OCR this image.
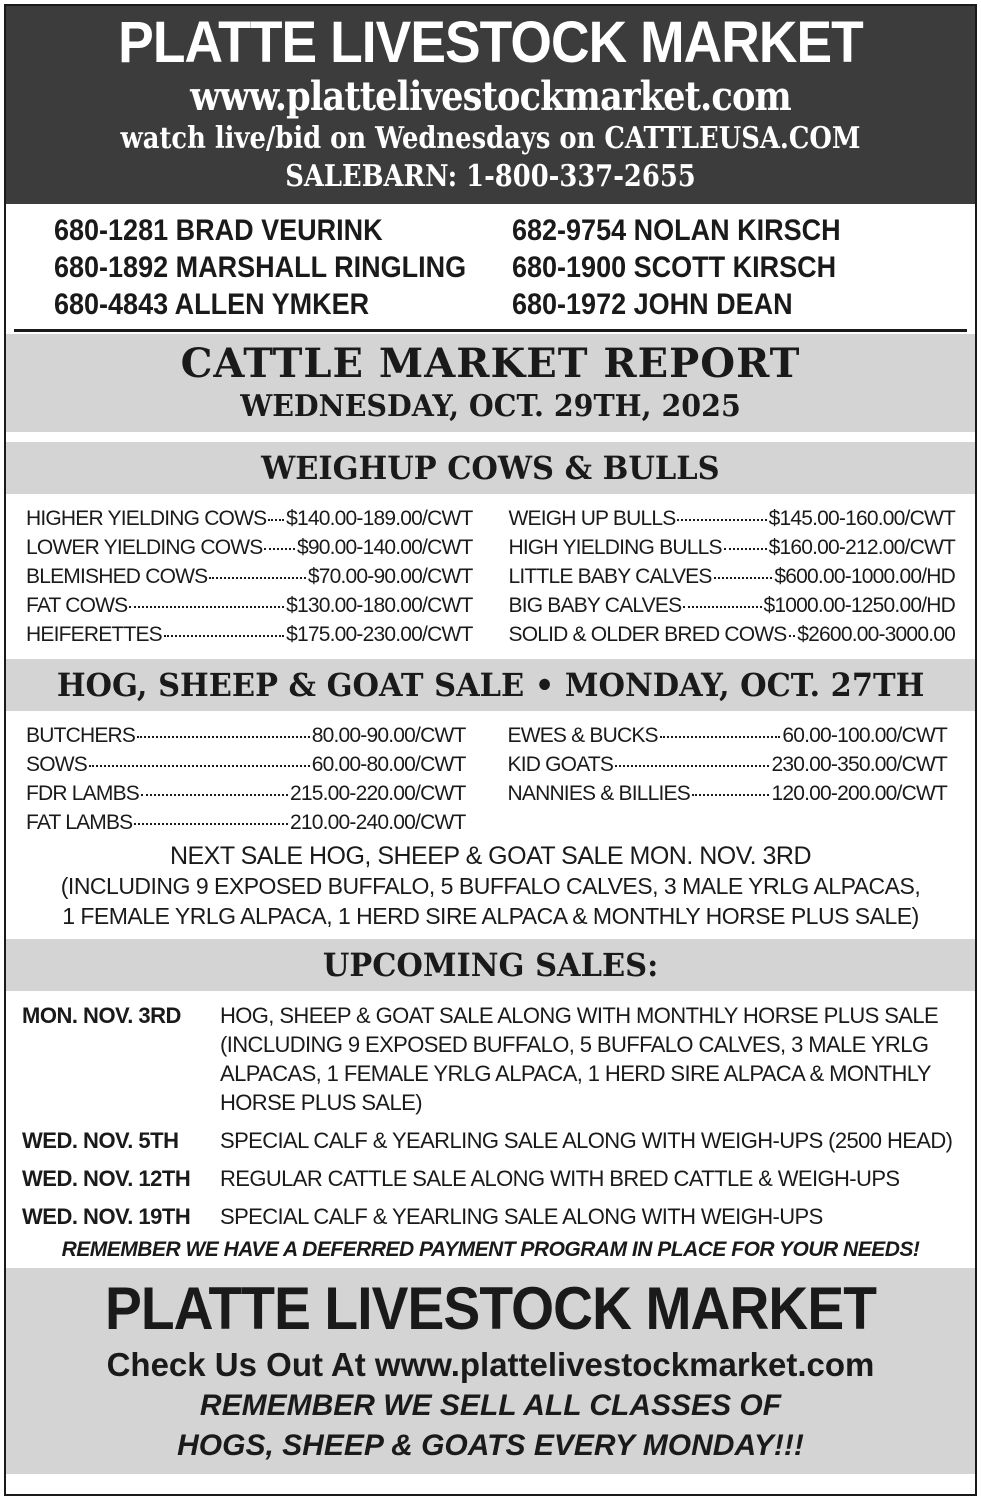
PLATTE LIVESTOCK MARKET
www.plattelivestockmarket.com
watch live/bid on Wednesdays on CATTLEUSA.COM
SALEBARN: 1-800-337-2655
680-1281 BRAD VEURINK
680-1892 MARSHALL RINGLING
680-4843 ALLEN YMKER
682-9754 NOLAN KIRSCH
680-1900 SCOTT KIRSCH
680-1972 JOHN DEAN
CATTLE MARKET REPORT
WEDNESDAY, OCT. 29TH, 2025
WEIGHUP COWS & BULLS
HIGHER YIELDING COWS $140.00-189.00/CWT
LOWER YIELDING COWS $90.00-140.00/CWT
BLEMISHED COWS	$70.00-90.00/CWT
FAT COWS	$130.00-180.00/CWT
HEIFERETTES	$175.00-230.00/CWT
WEIGH UP BULLS	$145.00-160.00/CWT
HIGH YIELDING BULLS $160.00-212.00/CWT
LITTLE BABY CALVES	$600.00-1000.00/HD
BIG BABY CALVES	$1000.00-1250.00/HD
SOLID & OLDER BRED COWS $2600.00-3000.00
HOG, SHEEP & GOAT SALE • MONDAY, OCT. 27TH
BUTCHERS	80.00-90.00/CWT
SOWS	60.00-80.00/CWT
FDR LAMBS	215.00-220.00/CWT
FAT LAMBS	210.00-240.00/CWT
EWES & BUCKS	60.00-100.00/CWT
KID GOATS	230.00-350.00/CWT
NANNIES & BILLIES	120.00-200.00/CWT
NEXT SALE HOG, SHEEP & GOAT SALE MON. NOV. 3RD
(INCLUDING 9 EXPOSED BUFFALO, 5 BUFFALO CALVES, 3 MALE YRLG ALPACAS,
1 FEMALE YRLG ALPACA, 1 HERD SIRE ALPACA & MONTHLY HORSE PLUS SALE)
UPCOMING SALES:
MON. NOV. 3RD	HOG, SHEEP & GOAT SALE ALONG WITH MONTHLY HORSE PLUS SALE (INCLUDING 9 EXPOSED BUFFALO, 5 BUFFALO CALVES, 3 MALE YRLG ALPACAS, 1 FEMALE YRLG ALPACA, 1 HERD SIRE ALPACA & MONTHLY HORSE PLUS SALE)
WED. NOV. 5TH	SPECIAL CALF & YEARLING SALE ALONG WITH WEIGH-UPS (2500 HEAD)
WED. NOV. 12TH	REGULAR CATTLE SALE ALONG WITH BRED CATTLE & WEIGH-UPS
WED. NOV. 19TH	SPECIAL CALF & YEARLING SALE ALONG WITH WEIGH-UPS
REMEMBER WE HAVE A DEFERRED PAYMENT PROGRAM IN PLACE FOR YOUR NEEDS!
PLATTE LIVESTOCK MARKET
Check Us Out At www.plattelivestockmarket.com
REMEMBER WE SELL ALL CLASSES OF
HOGS, SHEEP & GOATS EVERY MONDAY!!!
